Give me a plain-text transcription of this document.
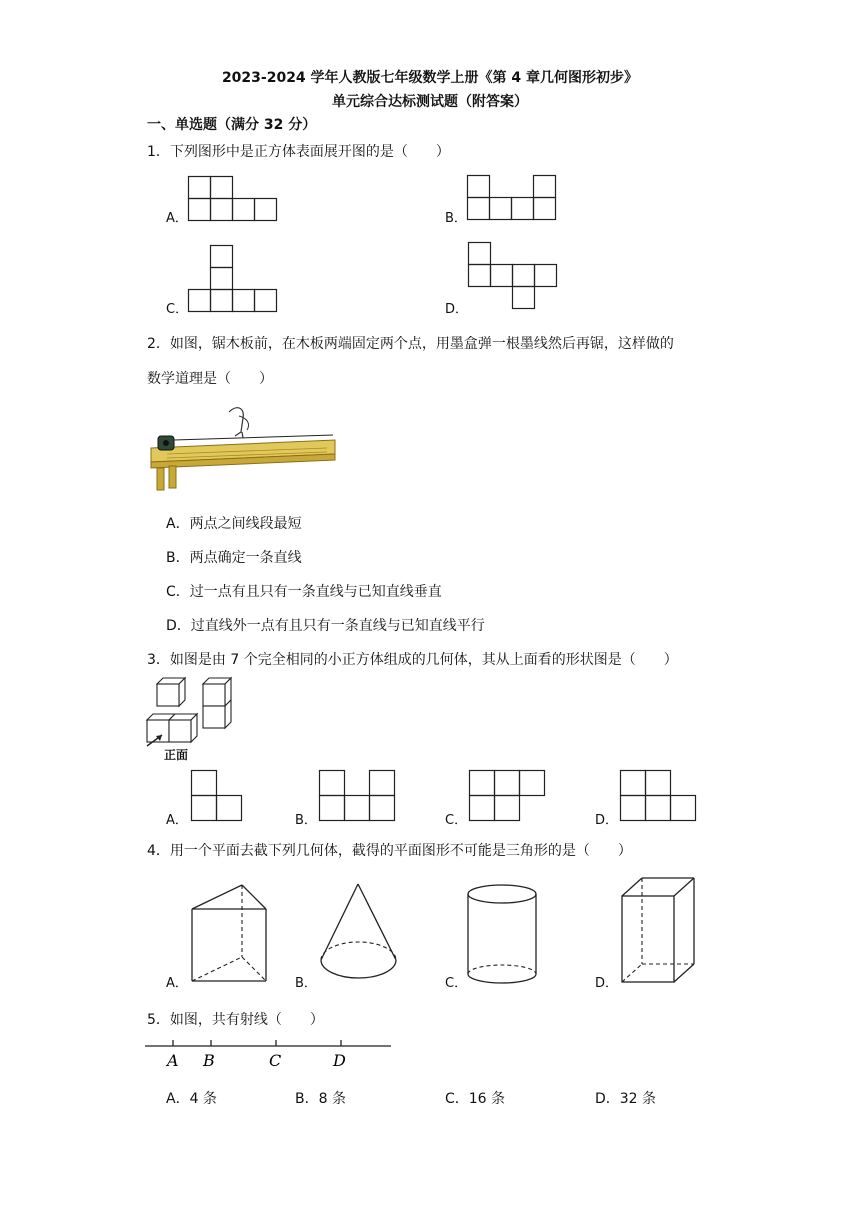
2023-2024 学年人教版七年级数学上册《第 4 章几何图形初步》
单元综合达标测试题（附答案）
一、单选题（满分 32 分）
1．下列图形中是正方体表面展开图的是（　　）
A．	B．
C．	D．
2．如图，锯木板前，在木板两端固定两个点，用墨盒弹一根墨线然后再锯，这样做的
数学道理是（　　）
A．两点之间线段最短
B．两点确定一条直线
C．过一点有且只有一条直线与已知直线垂直
D．过直线外一点有且只有一条直线与已知直线平行
3．如图是由 7 个完全相同的小正方体组成的几何体，其从上面看的形状图是（　　）
正面
A．	B．	C．	D．
4．用一个平面去截下列几何体，截得的平面图形不可能是三角形的是（　　）
A．	B．	C．	D．
5．如图，共有射线（　　）
A B	C	D
A．4 条	B．8 条	C．16 条	D．32 条
